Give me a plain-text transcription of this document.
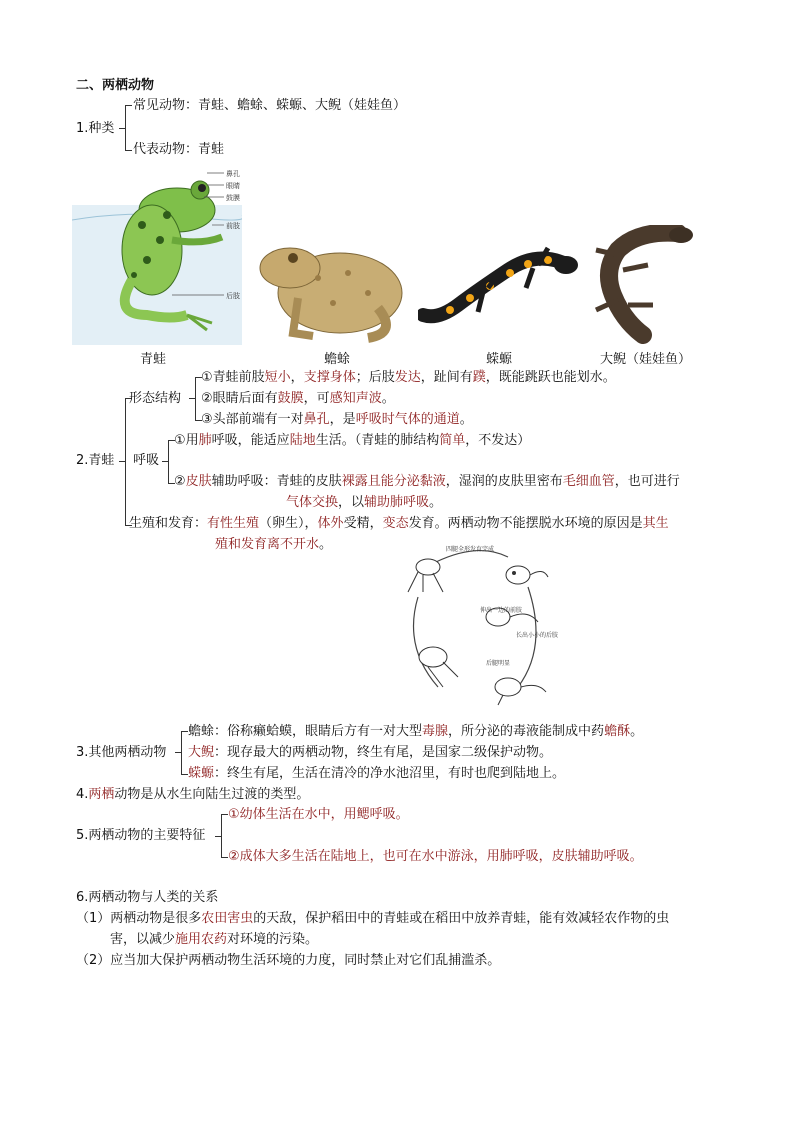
二、两栖动物
1.种类
常见动物：青蛙、蟾蜍、蝾螈、大鲵（娃娃鱼）
代表动物：青蛙
鼻孔
眼睛
鼓膜
前肢
后肢
青蛙	蟾蜍	蝾螈	大鲵（娃娃鱼）
2.青蛙
形态结构
①青蛙前肢短小，支撑身体；后肢发达，趾间有蹼，既能跳跃也能划水。
②眼睛后面有鼓膜，可感知声波。
③头部前端有一对鼻孔，是呼吸时气体的通道。
呼吸
①用肺呼吸，能适应陆地生活。（青蛙的肺结构简单，不发达）
②皮肤辅助呼吸：青蛙的皮肤裸露且能分泌黏液，湿润的皮肤里密布毛细血管，也可进行
气体交换，以辅助肺呼吸。
生殖和发育：有性生殖（卵生），体外受精，变态发育。两栖动物不能摆脱水环境的原因是其生
殖和发育离不开水。	四腿全形发育完成
长出小小的后肢
伸出一边的前肢
后腿明显
3.其他两栖动物
蟾蜍：俗称癞蛤蟆，眼睛后方有一对大型毒腺，所分泌的毒液能制成中药蟾酥。
大鲵：现存最大的两栖动物，终生有尾，是国家二级保护动物。
蝾螈：终生有尾，生活在清冷的净水池沼里，有时也爬到陆地上。
4.两栖动物是从水生向陆生过渡的类型。
5.两栖动物的主要特征
①幼体生活在水中，用鳃呼吸。
②成体大多生活在陆地上，也可在水中游泳，用肺呼吸，皮肤辅助呼吸。
6.两栖动物与人类的关系
（1）两栖动物是很多农田害虫的天敌，保护稻田中的青蛙或在稻田中放养青蛙，能有效减轻农作物的虫
害，以减少施用农药对环境的污染。
（2）应当加大保护两栖动物生活环境的力度，同时禁止对它们乱捕滥杀。
